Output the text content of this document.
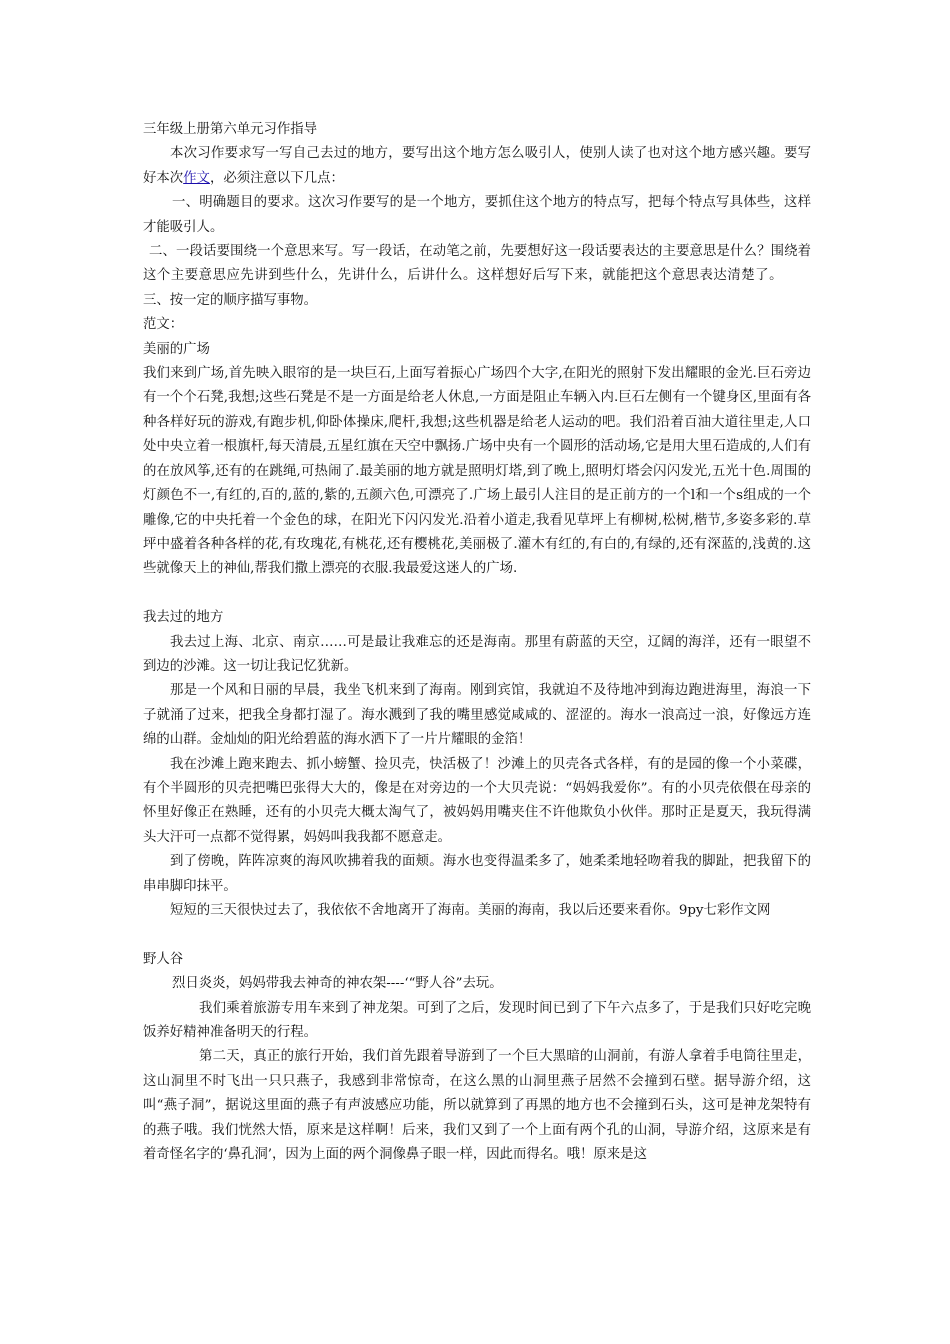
三年级上册第六单元习作指导

本次习作要求写一写自己去过的地方，要写出这个地方怎么吸引人，使别人读了也对这个地方感兴趣。要写好本次作文，必须注意以下几点：

一、明确题目的要求。这次习作要写的是一个地方，要抓住这个地方的特点写，把每个特点写具体些，这样才能吸引人。

二、一段话要围绕一个意思来写。写一段话，在动笔之前，先要想好这一段话要表达的主要意思是什么？围绕着这个主要意思应先讲到些什么，先讲什么，后讲什么。这样想好后写下来，就能把这个意思表达清楚了。三、按一定的顺序描写事物。

范文：

美丽的广场

我们来到广场,首先映入眼帘的是一块巨石,上面写着振心广场四个大字,在阳光的照射下发出耀眼的金光.巨石旁边有一个个石凳,我想;这些石凳是不是一方面是给老人休息,一方面是阻止车辆入内.巨石左侧有一个键身区,里面有各种各样好玩的游戏,有跑步机,仰卧体操床,爬杆,我想;这些机器是给老人运动的吧。我们沿着百油大道往里走,人口处中央立着一根旗杆,每天清晨,五星红旗在天空中飘扬.广场中央有一个圆形的活动场,它是用大里石造成的,人们有的在放风筝,还有的在跳绳,可热闹了.最美丽的地方就是照明灯塔,到了晚上,照明灯塔会闪闪发光,五光十色.周围的灯颜色不一,有红的,百的,蓝的,紫的,五颜六色,可漂亮了.广场上最引人注目的是正前方的一个l和一个s组成的一个雕像,它的中央托着一个金色的球，在阳光下闪闪发光.沿着小道走,我看见草坪上有柳树,松树,楷节,多姿多彩的.草坪中盛着各种各样的花,有玫瑰花,有桃花,还有樱桃花,美丽极了.灌木有红的,有白的,有绿的,还有深蓝的,浅黄的.这些就像天上的神仙,帮我们撒上漂亮的衣服.我最爱这迷人的广场.

我去过的地方

我去过上海、北京、南京……可是最让我难忘的还是海南。那里有蔚蓝的天空，辽阔的海洋，还有一眼望不到边的沙滩。这一切让我记忆犹新。

那是一个风和日丽的早晨，我坐飞机来到了海南。刚到宾馆，我就迫不及待地冲到海边跑进海里，海浪一下子就涌了过来，把我全身都打湿了。海水溅到了我的嘴里感觉咸咸的、涩涩的。海水一浪高过一浪，好像远方连绵的山群。金灿灿的阳光给碧蓝的海水洒下了一片片耀眼的金箔！

我在沙滩上跑来跑去、抓小螃蟹、捡贝壳，快活极了！沙滩上的贝壳各式各样，有的是园的像一个小菜碟，有个半圆形的贝壳把嘴巴张得大大的，像是在对旁边的一个大贝壳说：“妈妈我爱你”。有的小贝壳依偎在母亲的怀里好像正在熟睡，还有的小贝壳大概太淘气了，被妈妈用嘴夹住不许他欺负小伙伴。那时正是夏天，我玩得满头大汗可一点都不觉得累，妈妈叫我我都不愿意走。

到了傍晚，阵阵凉爽的海风吹拂着我的面颊。海水也变得温柔多了，她柔柔地轻吻着我的脚趾，把我留下的串串脚印抹平。

短短的三天很快过去了，我依依不舍地离开了海南。美丽的海南，我以后还要来看你。9py七彩作文网

野人谷

烈日炎炎，妈妈带我去神奇的神农架----‘“野人谷”去玩。

我们乘着旅游专用车来到了神龙架。可到了之后，发现时间已到了下午六点多了，于是我们只好吃完晚饭养好精神准备明天的行程。

第二天，真正的旅行开始，我们首先跟着导游到了一个巨大黑暗的山洞前，有游人拿着手电筒往里走，这山洞里不时飞出一只只燕子，我感到非常惊奇，在这么黑的山洞里燕子居然不会撞到石壁。据导游介绍，这叫“燕子洞”，据说这里面的燕子有声波感应功能，所以就算到了再黑的地方也不会撞到石头，这可是神龙架特有的燕子哦。我们恍然大悟，原来是这样啊！后来，我们又到了一个上面有两个孔的山洞，导游介绍，这原来是有着奇怪名字的‘鼻孔洞’，因为上面的两个洞像鼻子眼一样，因此而得名。哦！原来是这
